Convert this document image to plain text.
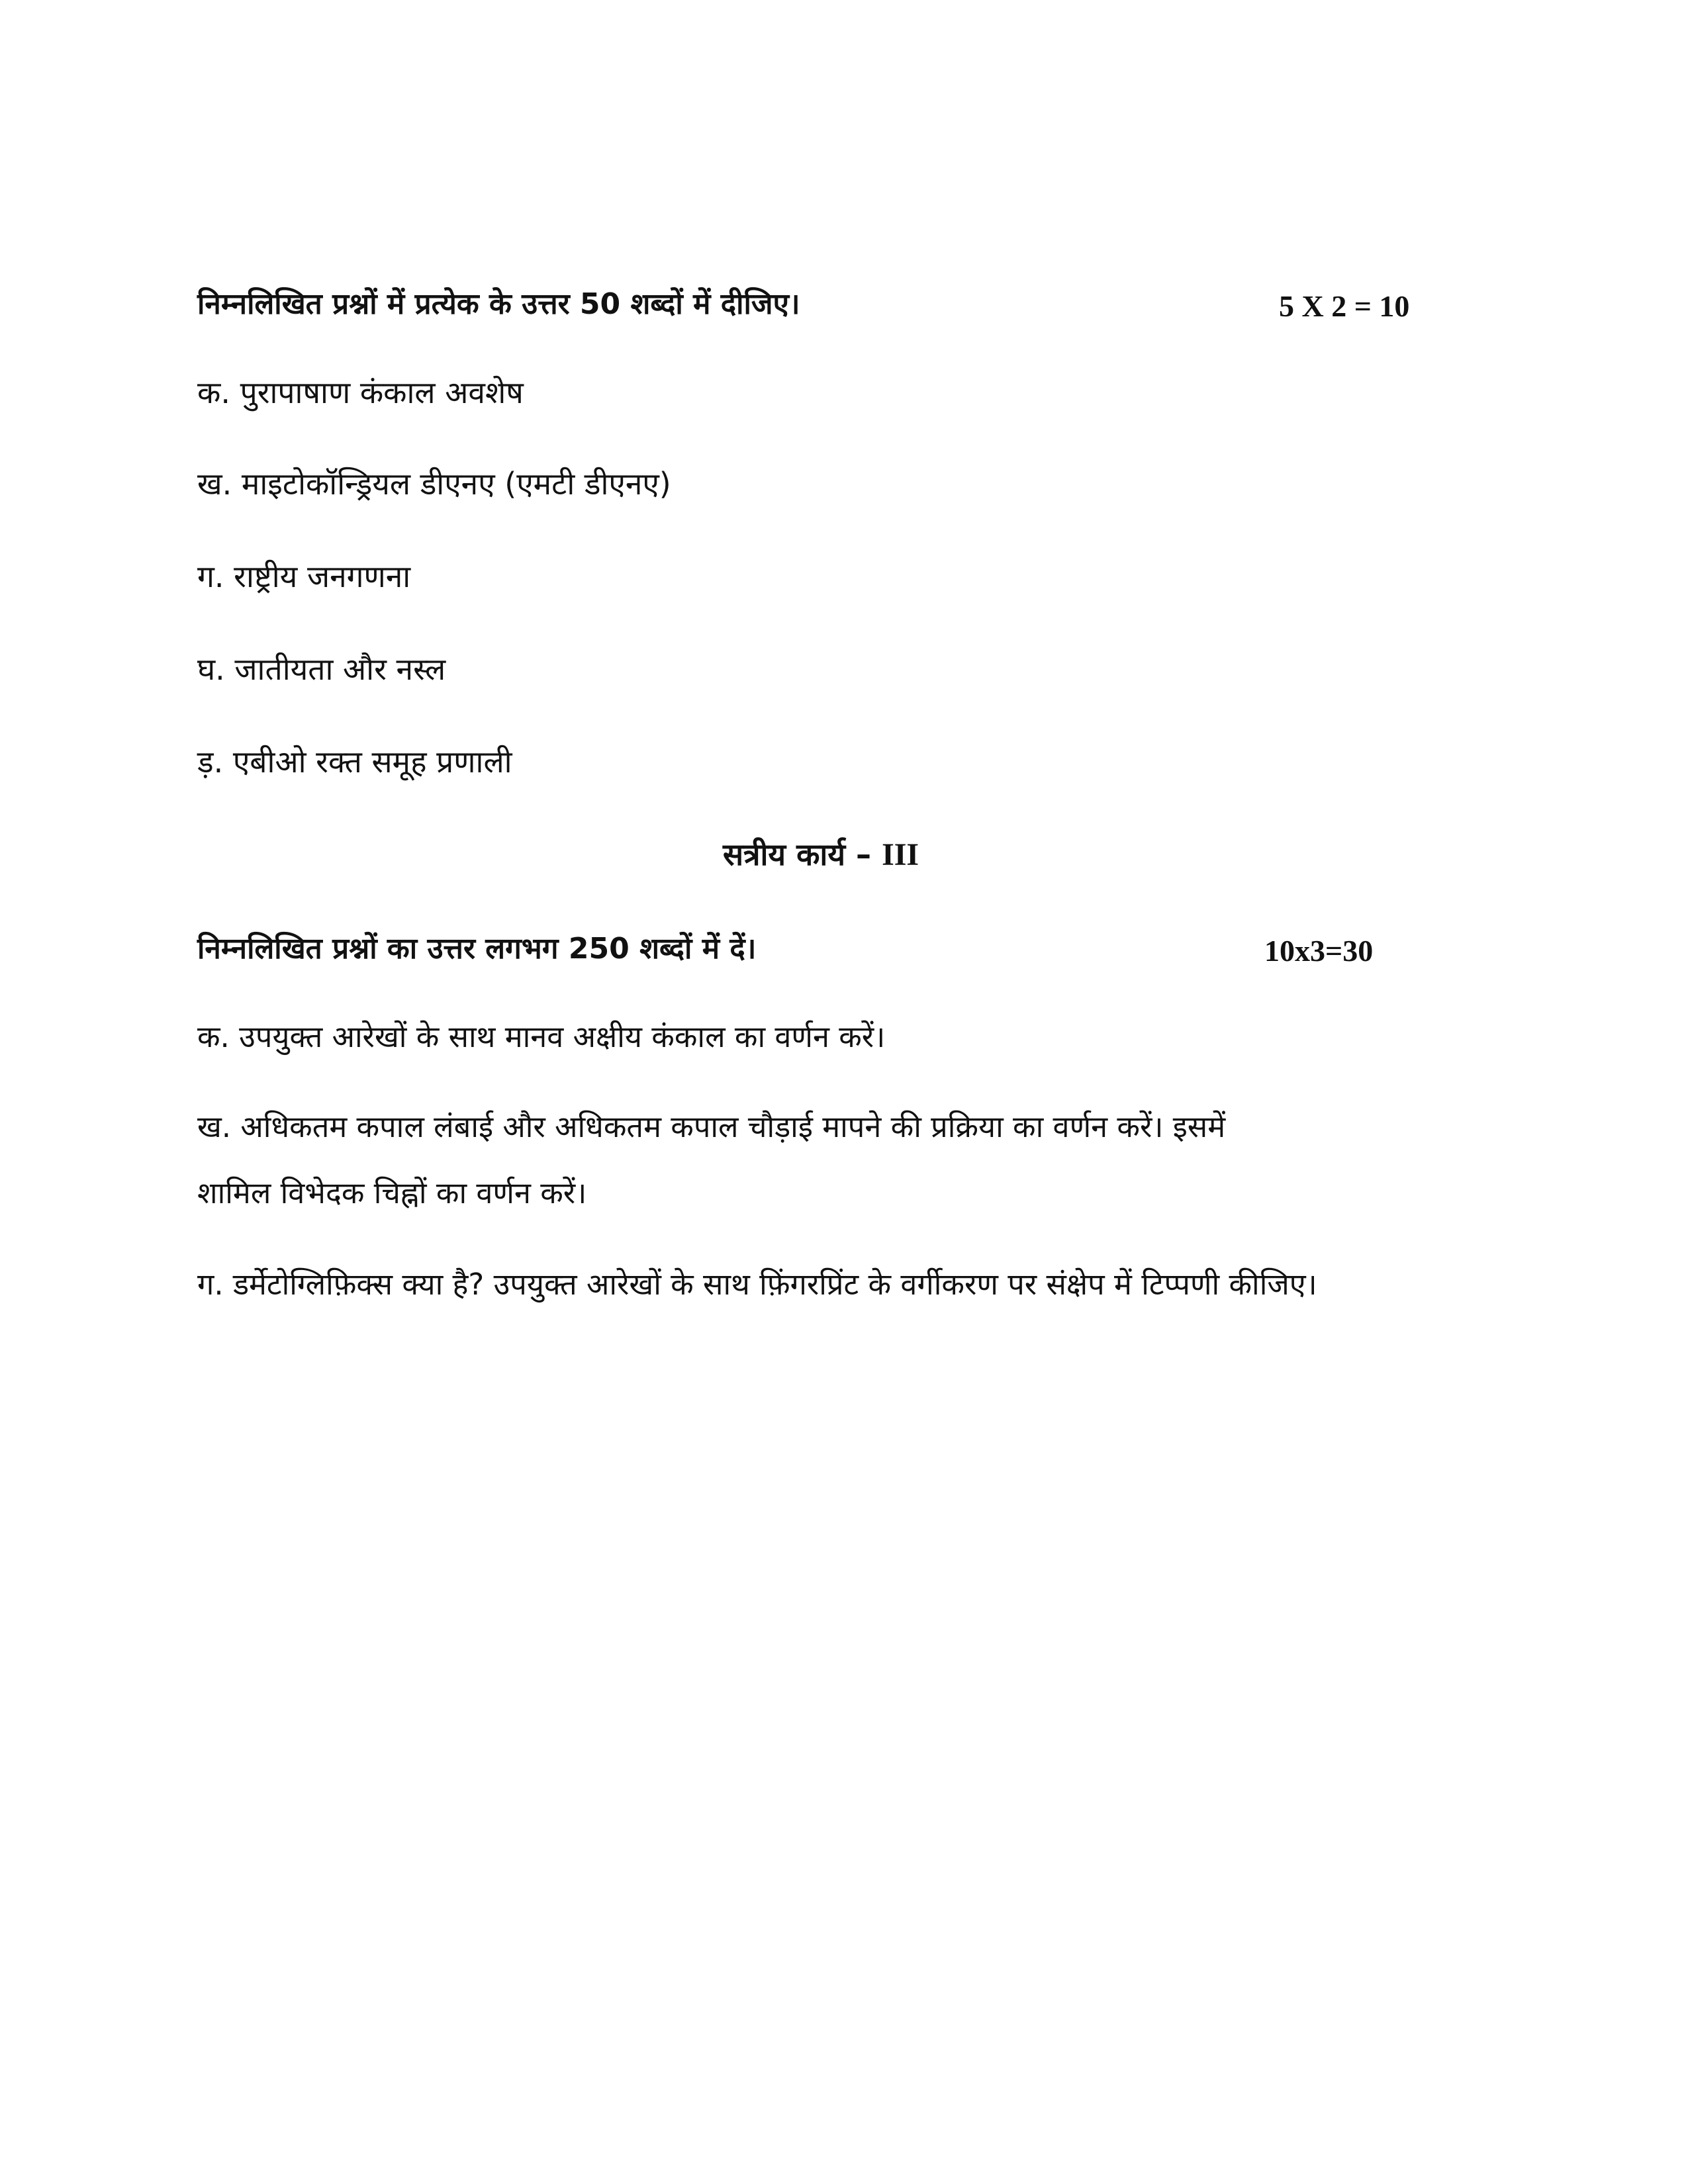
निम्नलिखित प्रश्नों में प्रत्येक के उत्तर 50 शब्दों में दीजिए।	5 X 2 = 10
क. पुरापाषाण कंकाल अवशेष
ख. माइटोकॉन्ड्रियल डीएनए (एमटी डीएनए)
ग. राष्ट्रीय जनगणना
घ. जातीयता और नस्ल
ड़. एबीओ रक्त समूह प्रणाली
सत्रीय कार्य – III
निम्नलिखित प्रश्नों का उत्तर लगभग 250 शब्दों में दें।	10x3=30
क. उपयुक्त आरेखों के साथ मानव अक्षीय कंकाल का वर्णन करें।
ख. अधिकतम कपाल लंबाई और अधिकतम कपाल चौड़ाई मापने की प्रक्रिया का वर्णन करें। इसमें
शामिल विभेदक चिह्नों का वर्णन करें।
ग. डर्मेटोग्लिफ़िक्स क्या है? उपयुक्त आरेखों के साथ फ़िंगरप्रिंट के वर्गीकरण पर संक्षेप में टिप्पणी कीजिए।
